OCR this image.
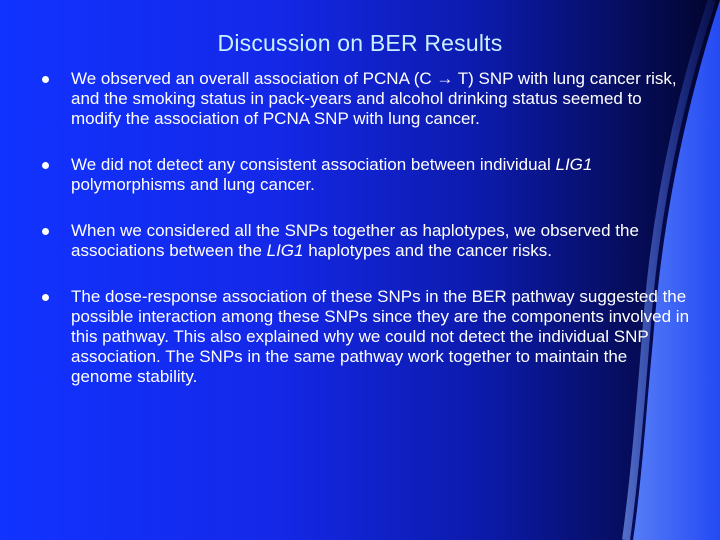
Discussion on BER Results
We observed an overall association of PCNA (C → T) SNP with lung cancer risk, and the smoking status in pack-years and alcohol drinking status seemed to modify the association of PCNA SNP with lung cancer.
We did not detect any consistent association between individual LIG1 polymorphisms and lung cancer.
When we considered all the SNPs together as haplotypes, we observed the associations between the LIG1 haplotypes and the cancer risks.
The dose-response association of these SNPs in the BER pathway suggested the possible interaction among these SNPs since they are the components involved in this pathway. This also explained why we could not detect the individual SNP association. The SNPs in the same pathway work together to maintain the genome stability.
